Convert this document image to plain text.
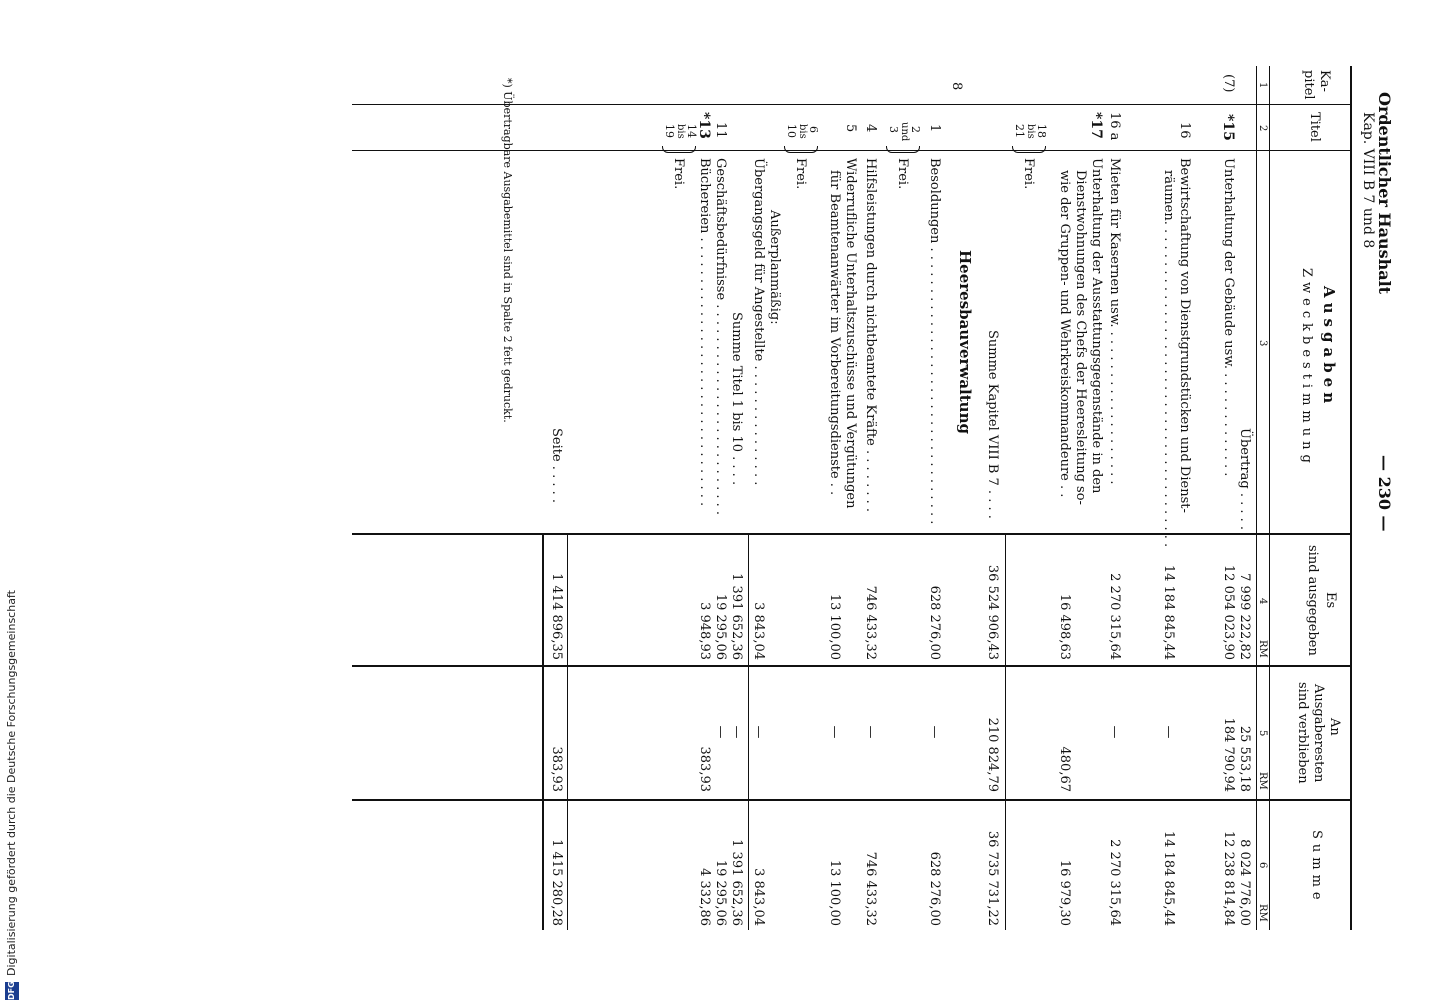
DFG
Digitalisierung gefördert durch die Deutsche Forschungsgemeinschaft
Ordentlicher Haushalt
Kap. VIII B 7 und 8
— 230 —
Ka-
pitel
Titel
Ausgaben
Zweckbestimmung
Es
sind ausgegeben
An
Ausgaberesten
sind verblieben
Summe
1
2
3
4
5
6
RM
RM
RM
Übertrag . . . . .
7 999 222,82
25 553,18
8 024 776,00
(7)
*15
Unterhaltung der Gebäude usw. . . . . . . . . . . . . .
12 054 023,90
184 790,94
12 238 814,84
16
Bewirtschaftung von Dienstgrundstücken und Dienst-
räumen. . . . . . . . . . . . . . . . . . . . . . . . . . . . . . . . . . . . . . . .
14 184 845,44
—
14 184 845,44
16 a
Mieten für Kasernen usw. . . . . . . . . . . . . . . . . . . .
2 270 315,64
—
2 270 315,64
*17
Unterhaltung der Ausstattungsgegenstände in den
Dienstwohnungen des Chefs der Heeresleitung so-
wie der Gruppen- und Wehrkreiskommandeure . .
16 498,63
480,67
16 979,30
18
bis
21
Frei.
Summe Kapitel VIII B 7 . . . .
36 524 906,43
210 824,79
36 735 731,22
8
Heeresbauverwaltung
1
Besoldungen . . . . . . . . . . . . . . . . . . . . . . . . . . . . . . . . . .
628 276,00
—
628 276,00
2
und
3
Frei.
4
Hilfsleistungen durch nichtbeamtete Kräfte . . . . . . . .
746 433,32
—
746 433,32
5
Widerrufliche Unterhaltszuschüsse und Vergütungen
für Beamtenanwärter im Vorbereitungsdienste . .
13 100,00
—
13 100,00
6
bis
10
Frei.
Außerplanmäßig:
Übergangsgeld für Angestellte . . . . . . . . . . . . . . .
3 843,04
—
3 843,04
Summe Titel 1 bis 10 . . . .
1 391 652,36
—
1 391 652,36
11
Geschäftsbedürfnisse . . . . . . . . . . . . . . . . . . . . . . . . . .
19 295,06
—
19 295,06
*13
Büchereien . . . . . . . . . . . . . . . . . . . . . . . . . . . . . . . . .
3 948,93
383,93
4 332,86
14
bis
19
Frei.
Seite . . . . .
1 414 896,35
383,93
1 415 280,28
*) Übertragbare Ausgabemittel sind in Spalte 2 fett gedruckt.
